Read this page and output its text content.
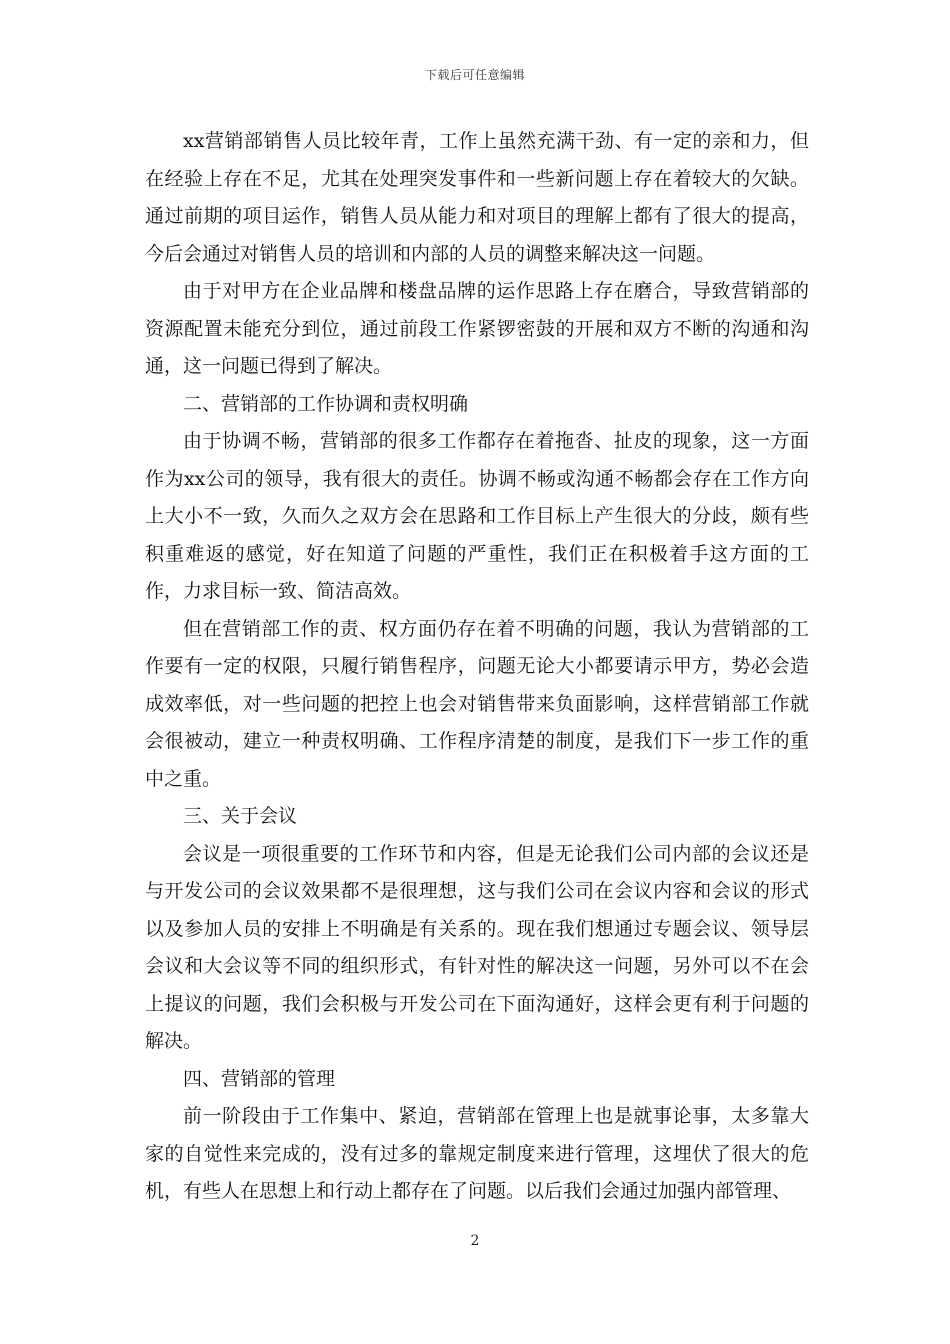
下载后可任意编辑

xx营销部销售人员比较年青，工作上虽然充满干劲、有一定的亲和力，但在经验上存在不足，尤其在处理突发事件和一些新问题上存在着较大的欠缺。通过前期的项目运作，销售人员从能力和对项目的理解上都有了很大的提高，今后会通过对销售人员的培训和内部的人员的调整来解决这一问题。

由于对甲方在企业品牌和楼盘品牌的运作思路上存在磨合，导致营销部的资源配置未能充分到位，通过前段工作紧锣密鼓的开展和双方不断的沟通和沟通，这一问题已得到了解决。

二、营销部的工作协调和责权明确

由于协调不畅，营销部的很多工作都存在着拖沓、扯皮的现象，这一方面作为xx公司的领导，我有很大的责任。协调不畅或沟通不畅都会存在工作方向上大小不一致，久而久之双方会在思路和工作目标上产生很大的分歧，颇有些积重难返的感觉，好在知道了问题的严重性，我们正在积极着手这方面的工作，力求目标一致、简洁高效。

但在营销部工作的责、权方面仍存在着不明确的问题，我认为营销部的工作要有一定的权限，只履行销售程序，问题无论大小都要请示甲方，势必会造成效率低，对一些问题的把控上也会对销售带来负面影响，这样营销部工作就会很被动，建立一种责权明确、工作程序清楚的制度，是我们下一步工作的重中之重。

三、关于会议

会议是一项很重要的工作环节和内容，但是无论我们公司内部的会议还是与开发公司的会议效果都不是很理想，这与我们公司在会议内容和会议的形式以及参加人员的安排上不明确是有关系的。现在我们想通过专题会议、领导层会议和大会议等不同的组织形式，有针对性的解决这一问题，另外可以不在会上提议的问题，我们会积极与开发公司在下面沟通好，这样会更有利于问题的解决。

四、营销部的管理

前一阶段由于工作集中、紧迫，营销部在管理上也是就事论事，太多靠大家的自觉性来完成的，没有过多的靠规定制度来进行管理，这埋伏了很大的危机，有些人在思想上和行动上都存在了问题。以后我们会通过加强内部管理、

2
